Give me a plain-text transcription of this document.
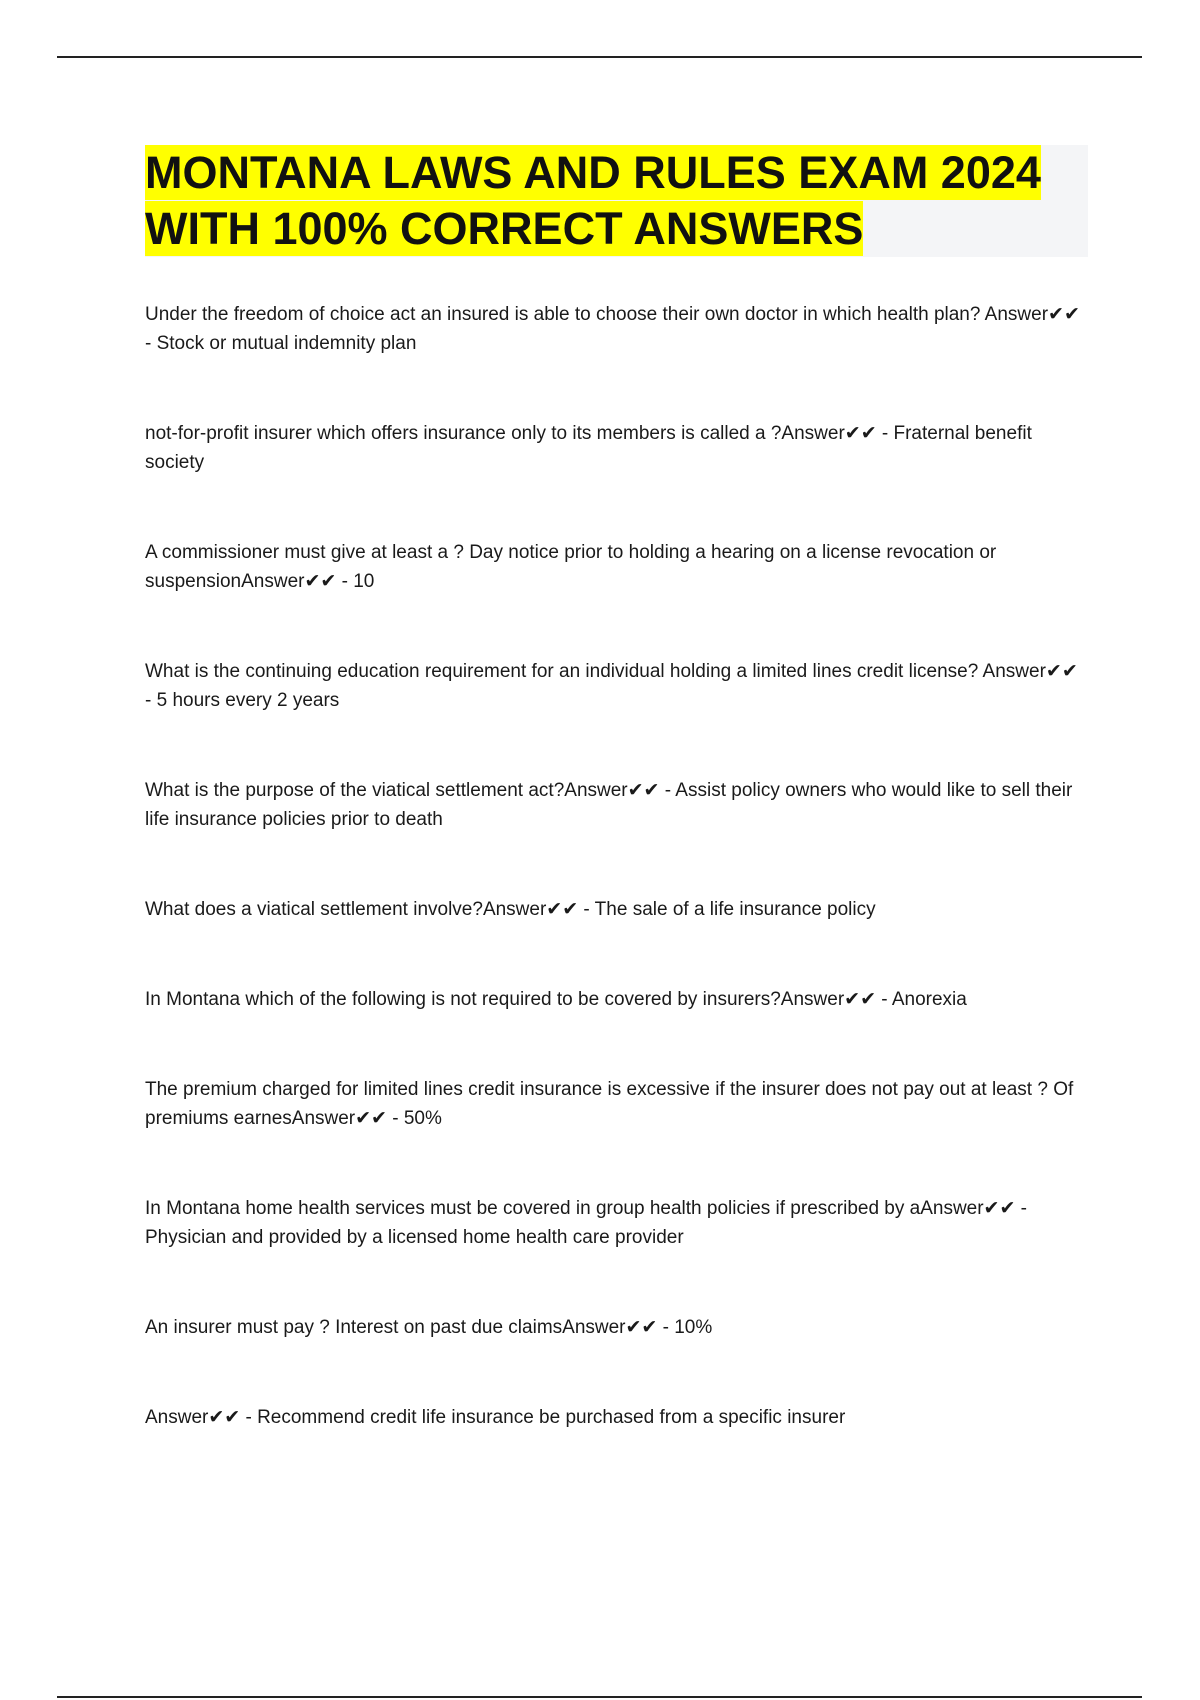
MONTANA LAWS AND RULES EXAM 2024 WITH 100% CORRECT ANSWERS

Under the freedom of choice act an insured is able to choose their own doctor in which health plan? Answer✔✔ - Stock or mutual indemnity plan

not-for-profit insurer which offers insurance only to its members is called a ?Answer✔✔ - Fraternal benefit society

A commissioner must give at least a ? Day notice prior to holding a hearing on a license revocation or suspensionAnswer✔✔ - 10

What is the continuing education requirement for an individual holding a limited lines credit license? Answer✔✔ - 5 hours every 2 years

What is the purpose of the viatical settlement act?Answer✔✔ - Assist policy owners who would like to sell their life insurance policies prior to death

What does a viatical settlement involve?Answer✔✔ - The sale of a life insurance policy

In Montana which of the following is not required to be covered by insurers?Answer✔✔ - Anorexia

The premium charged for limited lines credit insurance is excessive if the insurer does not pay out at least ? Of premiums earnesAnswer✔✔ - 50%

In Montana home health services must be covered in group health policies if prescribed by aAnswer✔✔ - Physician and provided by a licensed home health care provider

An insurer must pay ? Interest on past due claimsAnswer✔✔ - 10%

Answer✔✔ - Recommend credit life insurance be purchased from a specific insurer
